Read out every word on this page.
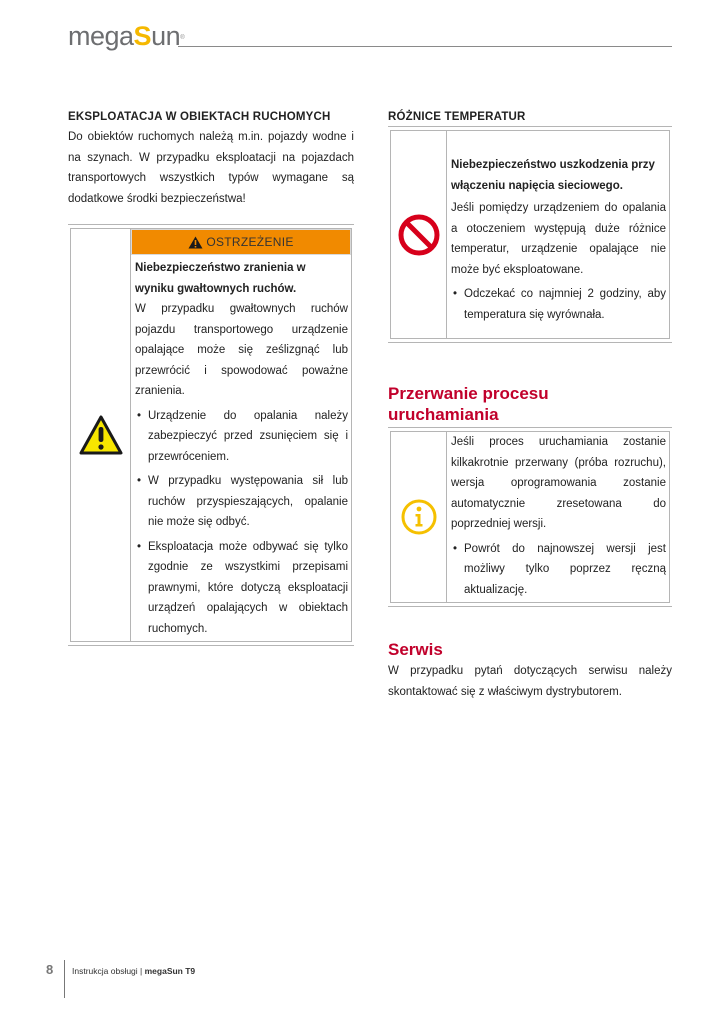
megaSun ®
EKSPLOATACJA W OBIEKTACH RUCHOMYCH

Do obiektów ruchomych należą m.in. pojazdy wodne i na szynach. W przypadku eksploatacji na pojazdach transportowych wszystkich typów wymagane są dodatkowe środki bezpieczeństwa!

OSTRZEŻENIE
Niebezpieczeństwo zranienia w wyniku gwałtownych ruchów.

W przypadku gwałtownych ruchów pojazdu transportowego urządzenie opalające może się ześlizgnąć lub przewrócić i spowodować poważne zranienia.

• Urządzenie do opalania należy zabezpieczyć przed zsunięciem się i przewróceniem.
• W przypadku występowania sił lub ruchów przyspieszających, opalanie nie może się odbyć.
• Eksploatacja może odbywać się tylko zgodnie ze wszystkimi przepisami prawnymi, które dotyczą eksploatacji urządzeń opalających w obiektach ruchomych.
RÓŻNICE TEMPERATUR
Niebezpieczeństwo uszkodzenia przy włączeniu napięcia sieciowego.

Jeśli pomiędzy urządzeniem do opalania a otoczeniem występują duże różnice temperatur, urządzenie opalające nie może być eksploatowane.

• Odczekać co najmniej 2 godziny, aby temperatura się wyrównała.
Przerwanie procesu uruchamiania

Jeśli proces uruchamiania zostanie kilkakrotnie przerwany (próba rozruchu), wersja oprogramowania zostanie automatycznie zresetowana do poprzedniej wersji.

• Powrót do najnowszej wersji jest możliwy tylko poprzez ręczną aktualizację.
Serwis

W przypadku pytań dotyczących serwisu należy skontaktować się z właściwym dystrybutorem.

8 Instrukcja obsługi | megaSun T9
